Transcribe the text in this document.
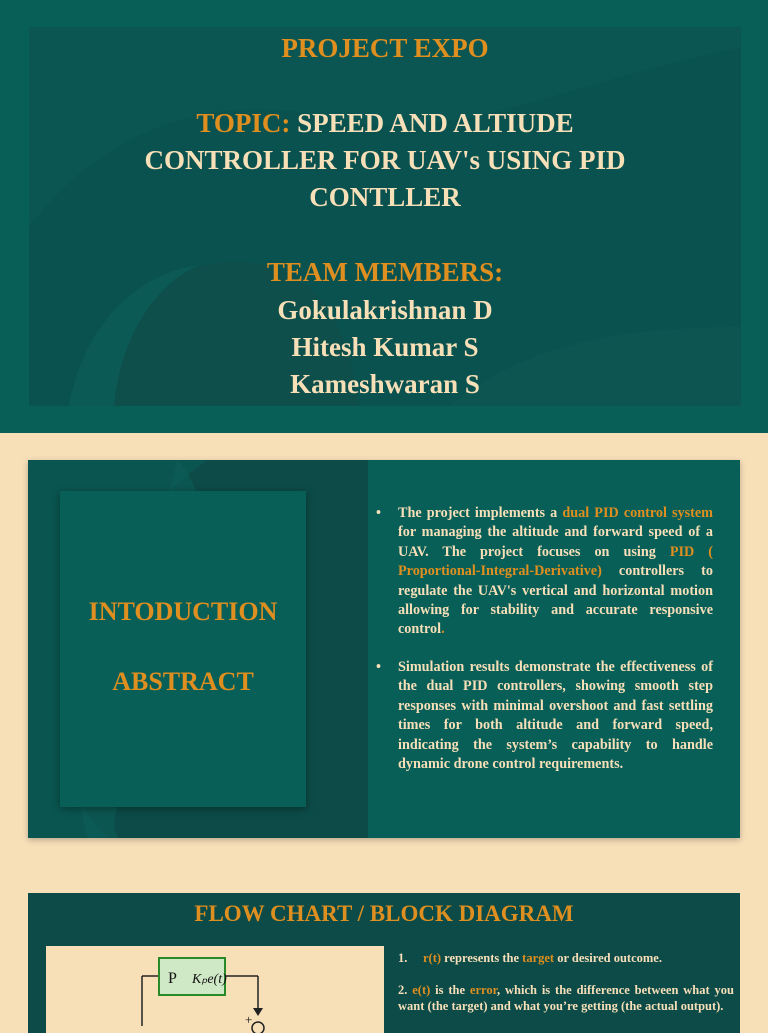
PROJECT EXPO
TOPIC: SPEED AND ALTIUDE
CONTROLLER FOR UAV's USING PID
CONTLLER
TEAM MEMBERS:
Gokulakrishnan D
Hitesh Kumar S
Kameshwaran S
INTODUCTION
ABSTRACT
• The project implements a dual PID control system for managing the altitude and forward speed of a UAV. The project focuses on using PID ( Proportional-Integral-Derivative) controllers to regulate the UAV's vertical and horizontal motion allowing for stability and accurate responsive control.
• Simulation results demonstrate the effectiveness of the dual PID controllers, showing smooth step responses with minimal overshoot and fast settling times for both altitude and forward speed, indicating the system’s capability to handle dynamic drone control requirements.
FLOW CHART / BLOCK DIAGRAM
P Kₚe(t)
+
1. r(t) represents the target or desired outcome.
2. e(t) is the error, which is the difference between what you want (the target) and what you’re getting (the actual output).
